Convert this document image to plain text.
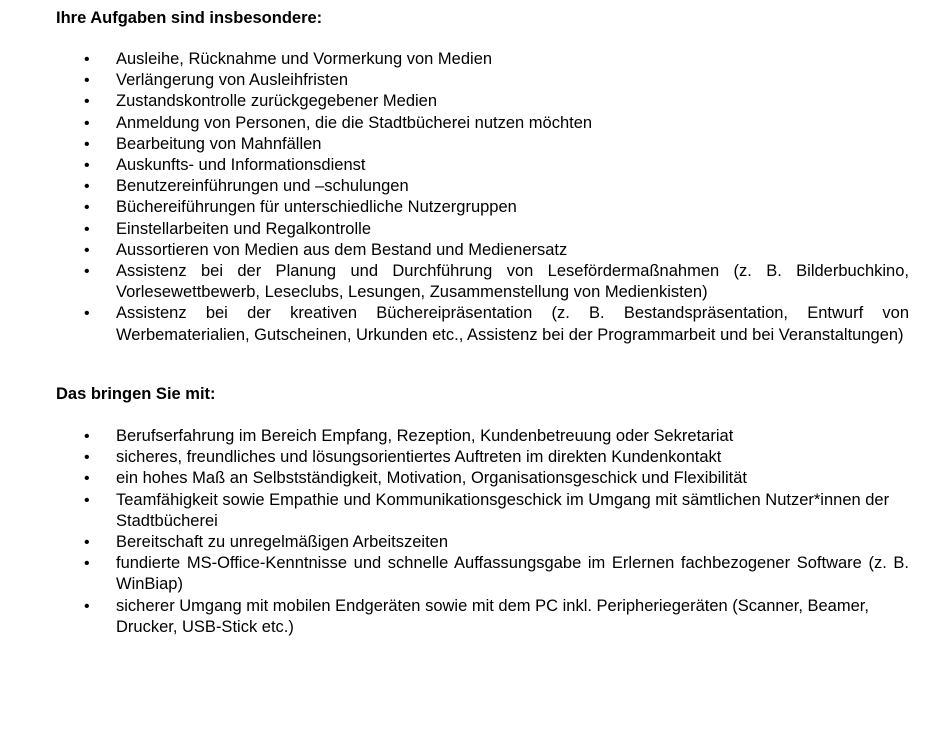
Ihre Aufgaben sind insbesondere:
•	Ausleihe, Rücknahme und Vormerkung von Medien
•	Verlängerung von Ausleihfristen
•	Zustandskontrolle zurückgegebener Medien
•	Anmeldung von Personen, die die Stadtbücherei nutzen möchten
•	Bearbeitung von Mahnfällen
•	Auskunfts- und Informationsdienst
•	Benutzereinführungen und –schulungen
•	Büchereiführungen für unterschiedliche Nutzergruppen
•	Einstellarbeiten und Regalkontrolle
•	Aussortieren von Medien aus dem Bestand und Medienersatz
•	Assistenz bei der Planung und Durchführung von Lesefördermaßnahmen (z. B. Bilderbuchkino, Vorlesewettbewerb, Leseclubs, Lesungen, Zusammenstellung von Medienkisten)
•	Assistenz bei der kreativen Büchereipräsentation (z. B. Bestandspräsentation, Entwurf von Werbematerialien, Gutscheinen, Urkunden etc., Assistenz bei der Programmarbeit und bei Veranstaltungen)
Das bringen Sie mit:
•	Berufserfahrung im Bereich Empfang, Rezeption, Kundenbetreuung oder Sekretariat
•	sicheres, freundliches und lösungsorientiertes Auftreten im direkten Kundenkontakt
•	ein hohes Maß an Selbstständigkeit, Motivation, Organisationsgeschick und Flexibilität
•	Teamfähigkeit sowie Empathie und Kommunikationsgeschick im Umgang mit sämtlichen Nutzer*innen der Stadtbücherei
•	Bereitschaft zu unregelmäßigen Arbeitszeiten
•	fundierte MS-Office-Kenntnisse und schnelle Auffassungsgabe im Erlernen fachbezogener Software (z. B. WinBiap)
•	sicherer Umgang mit mobilen Endgeräten sowie mit dem PC inkl. Peripheriegeräten (Scanner, Beamer, Drucker, USB-Stick etc.)
